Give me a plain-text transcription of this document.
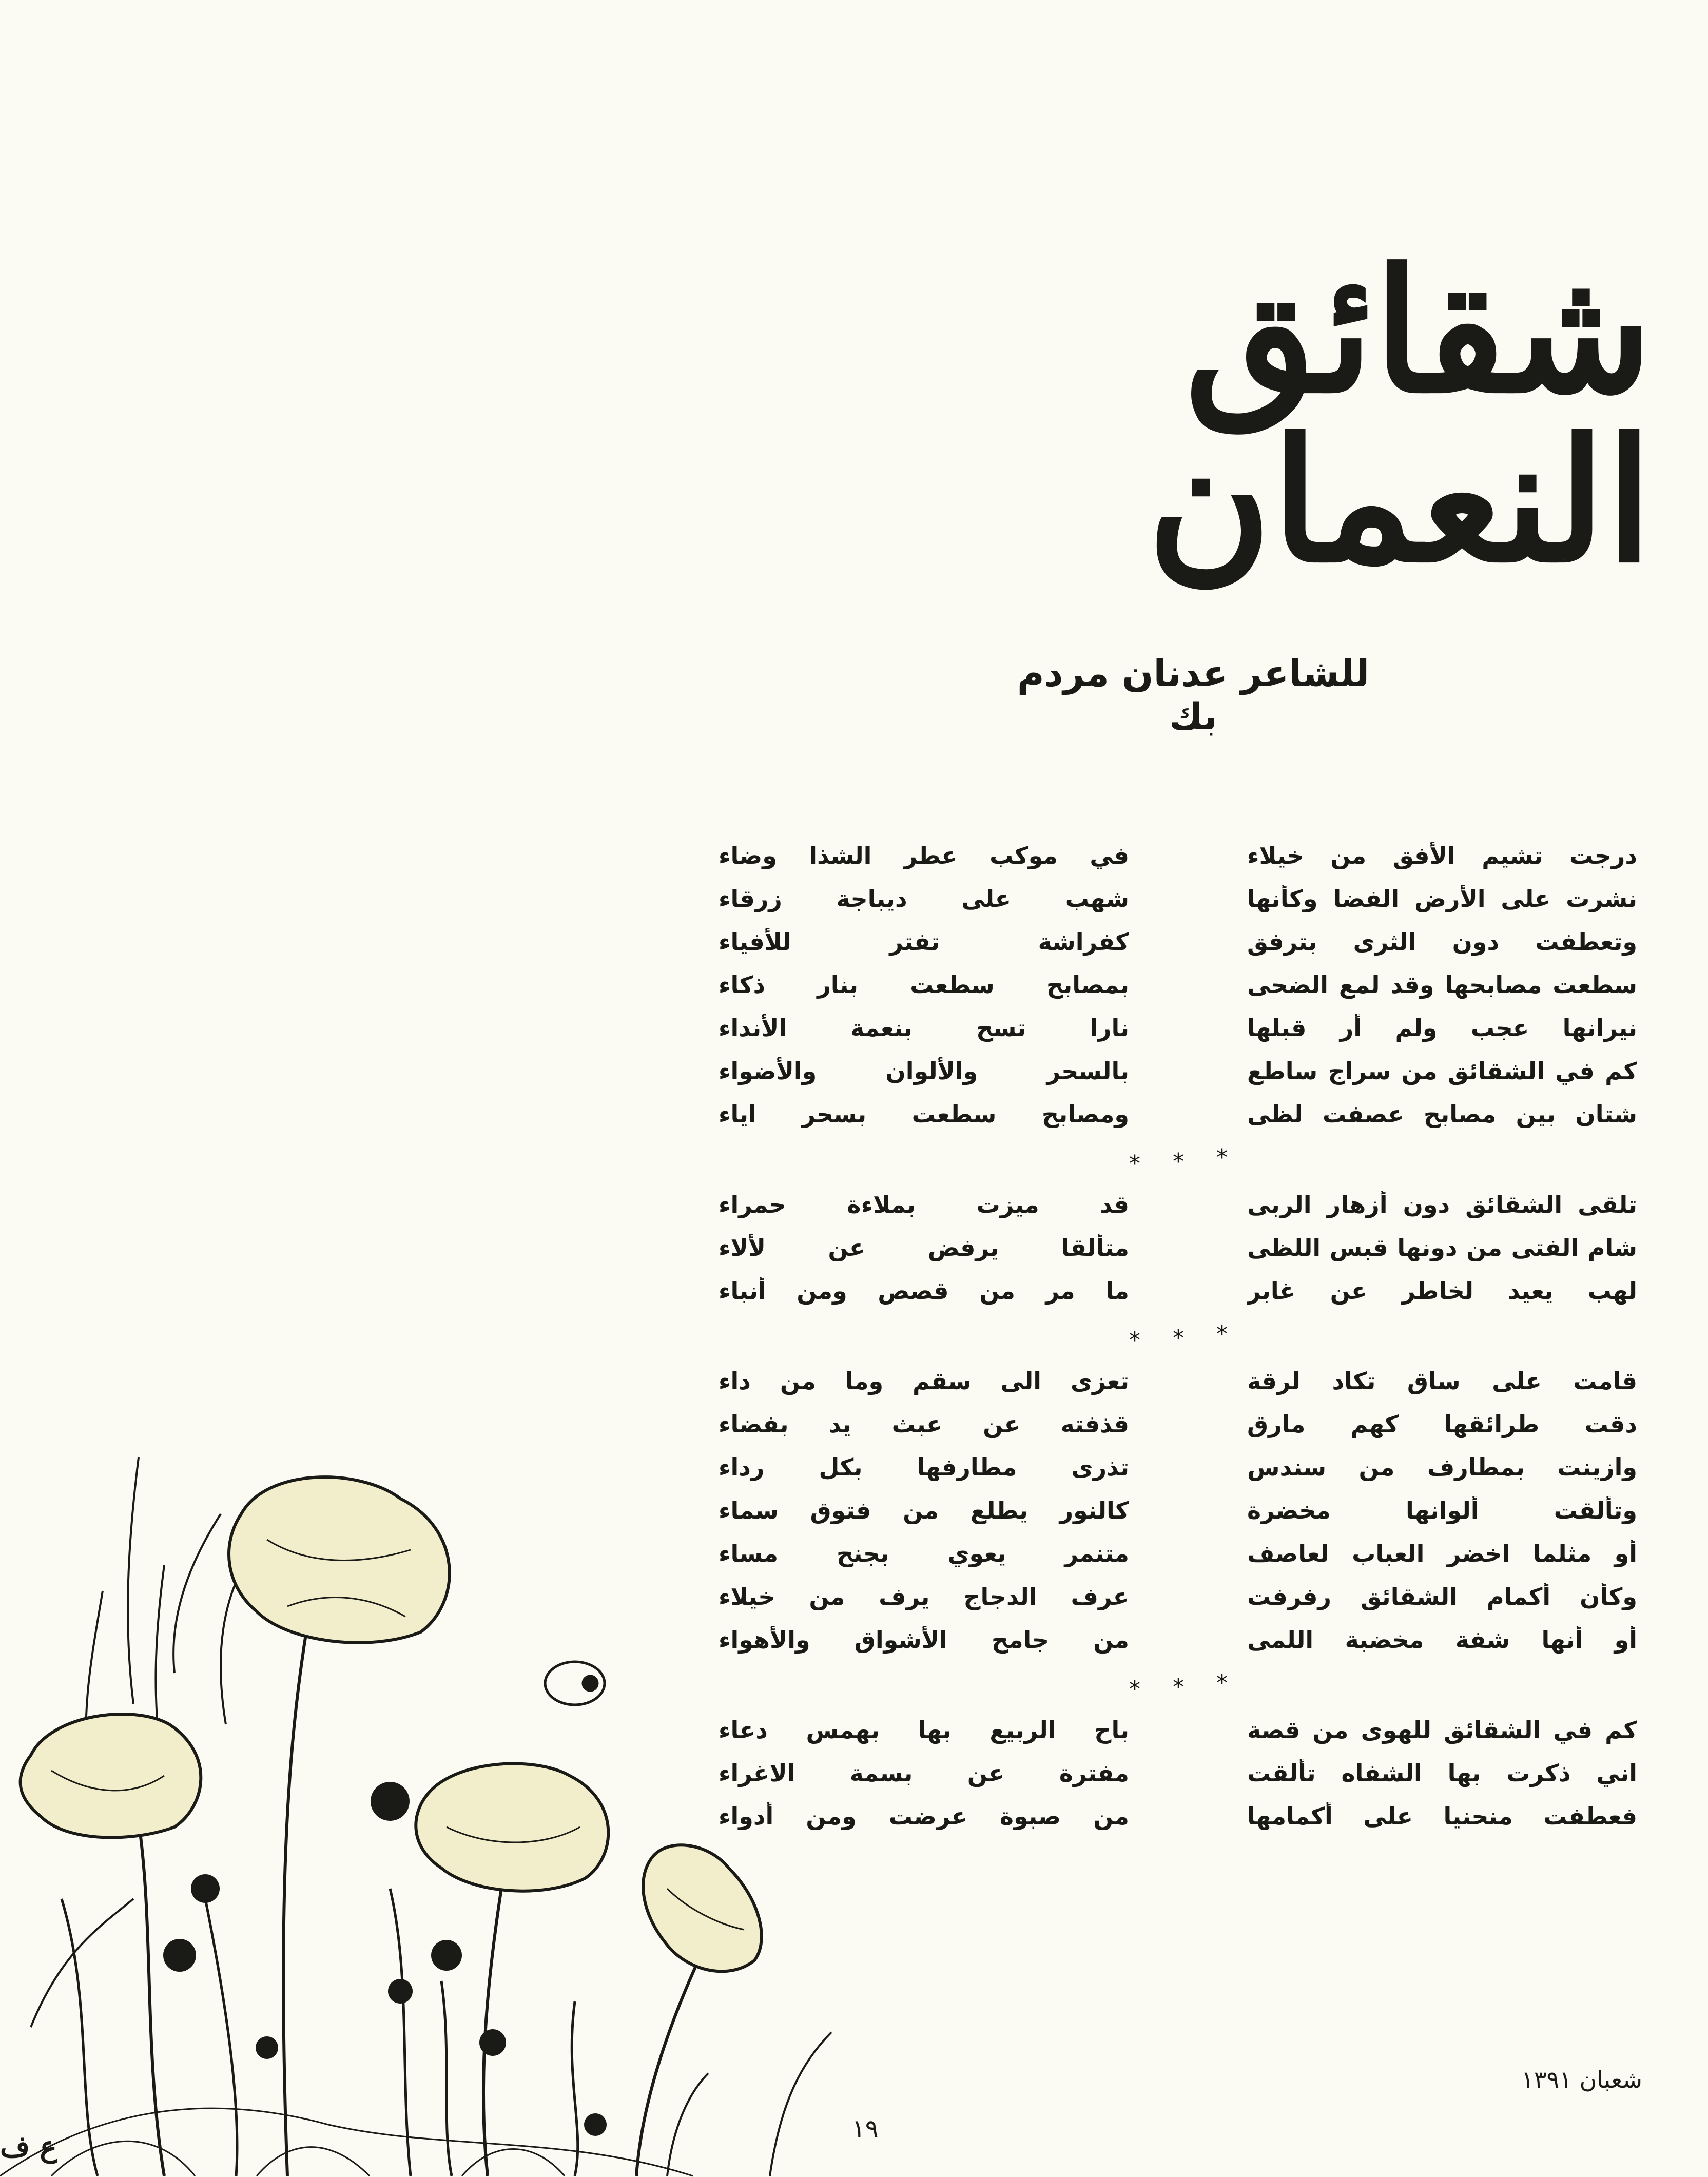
شقائق النعمان
للشاعر عدنان مردم بك
درجت تشيم الأفق من خيلاء
في موكب عطر الشذا وضاء
نشرت على الأرض الفضا وكأنها
شهب على ديباجة زرقاء
وتعطفت دون الثرى بترفق
كفراشة تفتر للأفياء
سطعت مصابحها وقد لمع الضحى
بمصابح سطعت بنار ذكاء
نيرانها عجب ولم أر قبلها
نارا تسح بنعمة الأنداء
كم في الشقائق من سراج ساطع
بالسحر والألوان والأضواء
شتان بين مصابح عصفت لظى
ومصابح سطعت بسحر اياء
* * *
تلقى الشقائق دون أزهار الربى
قد ميزت بملاءة حمراء
شام الفتى من دونها قبس اللظى
متألقا يرفض عن لألاء
لهب يعيد لخاطر عن غابر
ما مر من قصص ومن أنباء
* * *
قامت على ساق تكاد لرقة
تعزى الى سقم وما من داء
دقت طرائقها كهم مارق
قذفته عن عبث يد بفضاء
وازينت بمطارف من سندس
تذرى مطارفها بكل رداء
وتألقت ألوانها مخضرة
كالنور يطلع من فتوق سماء
أو مثلما اخضر العباب لعاصف
متنمر يعوي بجنح مساء
وكأن أكمام الشقائق رفرفت
عرف الدجاج يرف من خيلاء
أو أنها شفة مخضبة اللمى
من جامح الأشواق والأهواء
* * *
كم في الشقائق للهوى من قصة
باح الربيع بها بهمس دعاء
اني ذكرت بها الشفاه تألقت
مفترة عن بسمة الاغراء
فعطفت منحنيا على أكمامها
من صبوة عرضت ومن أدواء
شعبان ١٣٩١
١٩
ع ف
